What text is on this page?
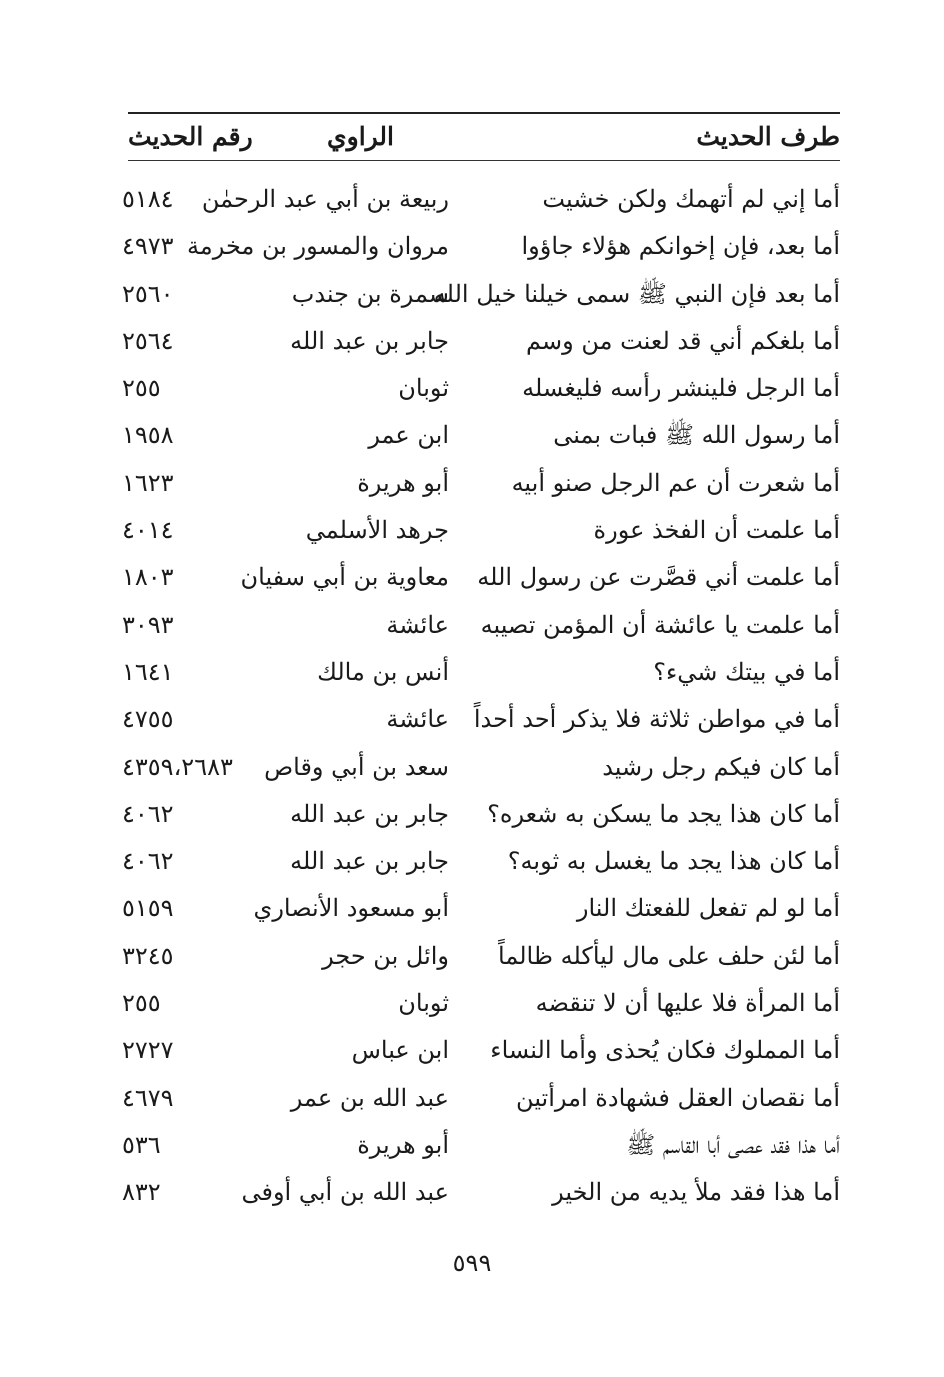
طرف الحديث
الراوي
رقم الحديث
أما إني لم أتهمك ولكن خشيت
ربيعة بن أبي عبد الرحمٰن
٥١٨٤
أما بعد، فإن إخوانكم هؤلاء جاؤوا
مروان والمسور بن مخرمة
٤٩٧٣
أما بعد فإن النبي ﷺ سمى خيلنا خيل الله
سمرة بن جندب
٢٥٦٠
أما بلغكم أني قد لعنت من وسم
جابر بن عبد الله
٢٥٦٤
أما الرجل فلينشر رأسه فليغسله
ثوبان
٢٥٥
أما رسول الله ﷺ فبات بمنى
ابن عمر
١٩٥٨
أما شعرت أن عم الرجل صنو أبيه
أبو هريرة
١٦٢٣
أما علمت أن الفخذ عورة
جرهد الأسلمي
٤٠١٤
أما علمت أني قصَّرت عن رسول الله
معاوية بن أبي سفيان
١٨٠٣
أما علمت يا عائشة أن المؤمن تصيبه
عائشة
٣٠٩٣
أما في بيتك شيء؟
أنس بن مالك
١٦٤١
أما في مواطن ثلاثة فلا يذكر أحد أحداً
عائشة
٤٧٥٥
أما كان فيكم رجل رشيد
سعد بن أبي وقاص
٤٣٥٩،٢٦٨٣
أما كان هذا يجد ما يسكن به شعره؟
جابر بن عبد الله
٤٠٦٢
أما كان هذا يجد ما يغسل به ثوبه؟
جابر بن عبد الله
٤٠٦٢
أما لو لم تفعل للفعتك النار
أبو مسعود الأنصاري
٥١٥٩
أما لئن حلف على مال ليأكله ظالماً
وائل بن حجر
٣٢٤٥
أما المرأة فلا عليها أن لا تنقضه
ثوبان
٢٥٥
أما المملوك فكان يُحذى وأما النساء
ابن عباس
٢٧٢٧
أما نقصان العقل فشهادة امرأتين
عبد الله بن عمر
٤٦٧٩
أما هذا فقد عصى أبا القاسم ﷺ
أبو هريرة
٥٣٦
أما هذا فقد ملأ يديه من الخير
عبد الله بن أبي أوفى
٨٣٢
٥٩٩
